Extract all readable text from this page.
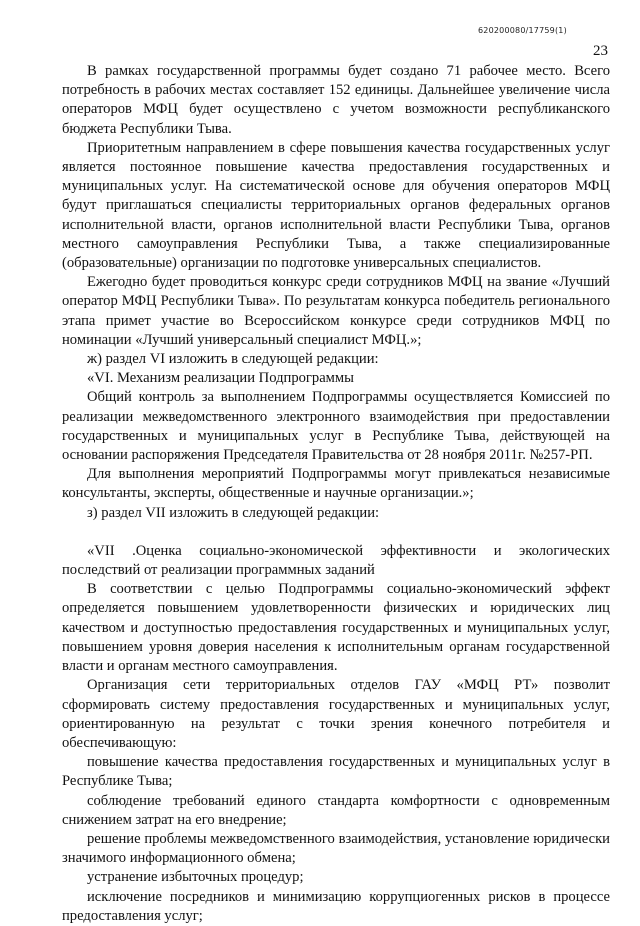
620200080/17759(1)
23

В рамках государственной программы будет создано 71 рабочее место. Всего потребность в рабочих местах составляет 152 единицы. Дальнейшее увеличение числа операторов МФЦ будет осуществлено с учетом возможности республиканского бюджета Республики Тыва.

Приоритетным направлением в сфере повышения качества государственных услуг является постоянное повышение качества предоставления государственных и муниципальных услуг. На систематической основе для обучения операторов МФЦ будут приглашаться специалисты территориальных органов федеральных органов исполнительной власти, органов исполнительной власти Республики Тыва, органов местного самоуправления Республики Тыва, а также специализированные (образовательные) организации по подготовке универсальных специалистов.

Ежегодно будет проводиться конкурс среди сотрудников МФЦ на звание «Лучший оператор МФЦ Республики Тыва». По результатам конкурса победитель регионального этапа примет участие во Всероссийском конкурсе среди сотрудников МФЦ по номинации «Лучший универсальный специалист МФЦ.»;

ж) раздел VI изложить в следующей редакции:

«VI. Механизм реализации Подпрограммы

Общий контроль за выполнением Подпрограммы осуществляется Комиссией по реализации межведомственного электронного взаимодействия при предоставлении государственных и муниципальных услуг в Республике Тыва, действующей на основании распоряжения Председателя Правительства от 28 ноября 2011г. №257-РП.

Для выполнения мероприятий Подпрограммы могут привлекаться независимые консультанты, эксперты, общественные и научные организации.»;

з) раздел VII изложить в следующей редакции:

«VII .Оценка социально-экономической эффективности и экологических последствий от реализации программных заданий

В соответствии с целью Подпрограммы социально-экономический эффект определяется повышением удовлетворенности физических и юридических лиц качеством и доступностью предоставления государственных и муниципальных услуг, повышением уровня доверия населения к исполнительным органам государственной власти и органам местного самоуправления.

Организация сети территориальных отделов ГАУ «МФЦ РТ» позволит сформировать систему предоставления государственных и муниципальных услуг, ориентированную на результат с точки зрения конечного потребителя и обеспечивающую:

повышение качества предоставления государственных и муниципальных услуг в Республике Тыва;

соблюдение требований единого стандарта комфортности с одновременным снижением затрат на его внедрение;

решение проблемы межведомственного взаимодействия, установление юридически значимого информационного обмена;

устранение избыточных процедур;

исключение посредников и минимизацию коррупциогенных рисков в процессе предоставления услуг;
